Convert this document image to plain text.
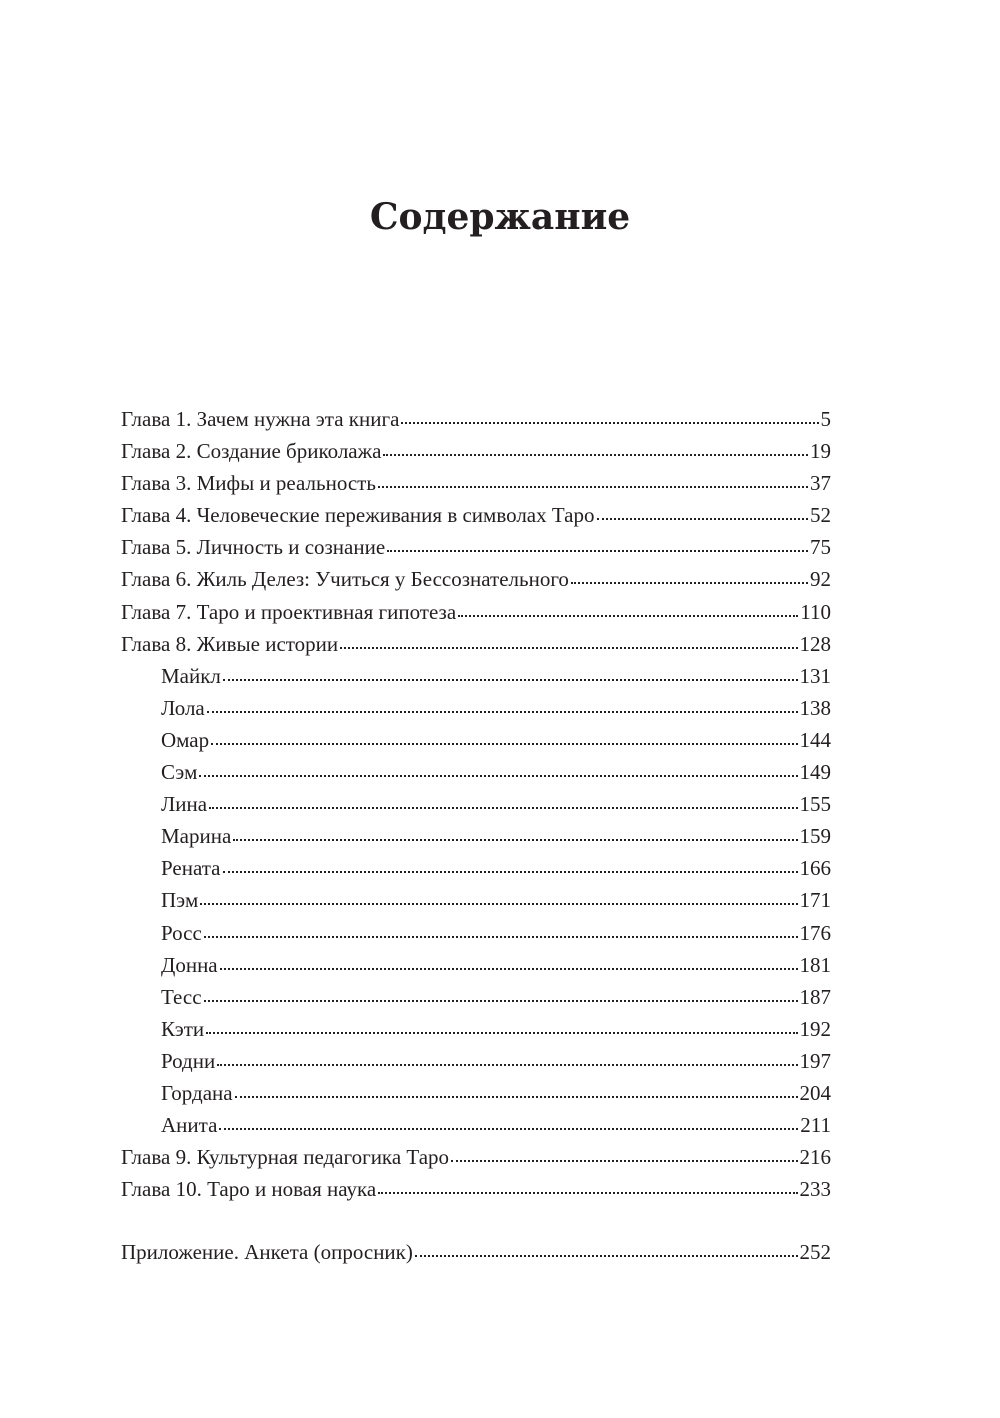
Содержание
Глава 1. Зачем нужна эта книга	5
Глава 2. Создание бриколажа	19
Глава 3. Мифы и реальность	37
Глава 4. Человеческие переживания в символах Таро	52
Глава 5. Личность и сознание	75
Глава 6. Жиль Делез: Учиться у Бессознательного	92
Глава 7. Таро и проективная гипотеза	110
Глава 8. Живые истории	128
Майкл	131
Лола	138
Омар	144
Сэм	149
Лина	155
Марина	159
Рената	166
Пэм	171
Росс	176
Донна	181
Тесс	187
Кэти	192
Родни	197
Гордана	204
Анита	211
Глава 9. Культурная педагогика Таро	216
Глава 10. Таро и новая наука	233
Приложение. Анкета (опросник)	252
